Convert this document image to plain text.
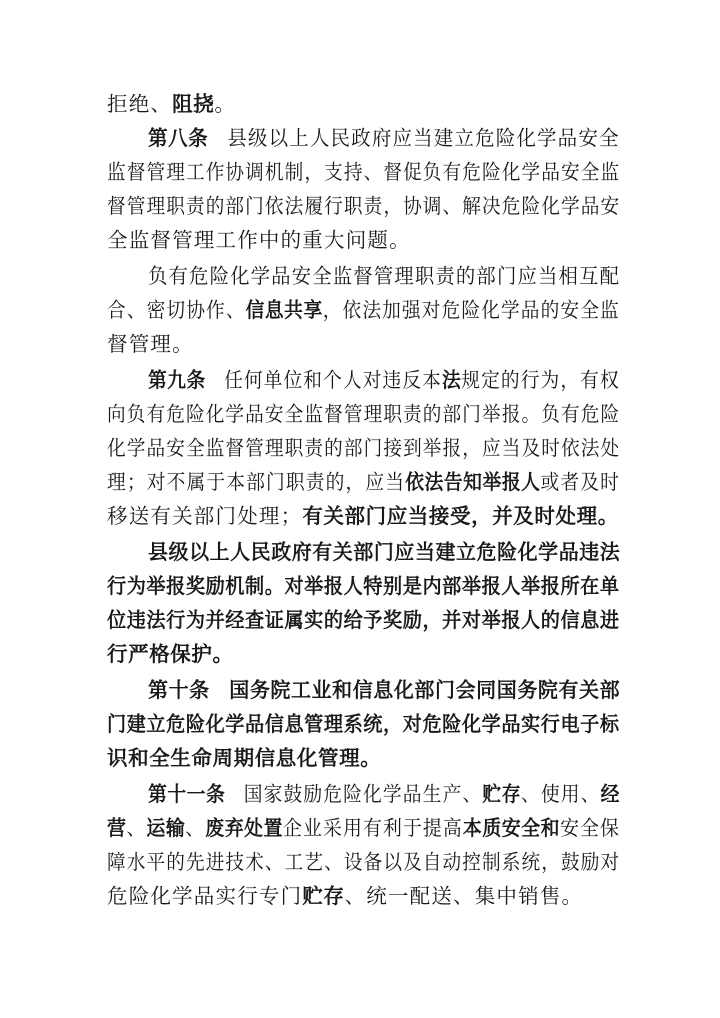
拒绝、阻挠。
第八条 县级以上人民政府应当建立危险化学品安全
监督管理工作协调机制，支持、督促负有危险化学品安全监
督管理职责的部门依法履行职责，协调、解决危险化学品安
全监督管理工作中的重大问题。
负有危险化学品安全监督管理职责的部门应当相互配
合、密切协作、信息共享，依法加强对危险化学品的安全监
督管理。
第九条 任何单位和个人对违反本法规定的行为，有权
向负有危险化学品安全监督管理职责的部门举报。负有危险
化学品安全监督管理职责的部门接到举报，应当及时依法处
理；对不属于本部门职责的，应当依法告知举报人或者及时
移送有关部门处理；有关部门应当接受，并及时处理。
县级以上人民政府有关部门应当建立危险化学品违法
行为举报奖励机制。对举报人特别是内部举报人举报所在单
位违法行为并经查证属实的给予奖励，并对举报人的信息进
行严格保护。
第十条 国务院工业和信息化部门会同国务院有关部
门建立危险化学品信息管理系统，对危险化学品实行电子标
识和全生命周期信息化管理。
第十一条 国家鼓励危险化学品生产、贮存、使用、经
营、运输、废弃处置企业采用有利于提高本质安全和安全保
障水平的先进技术、工艺、设备以及自动控制系统，鼓励对
危险化学品实行专门贮存、统一配送、集中销售。
